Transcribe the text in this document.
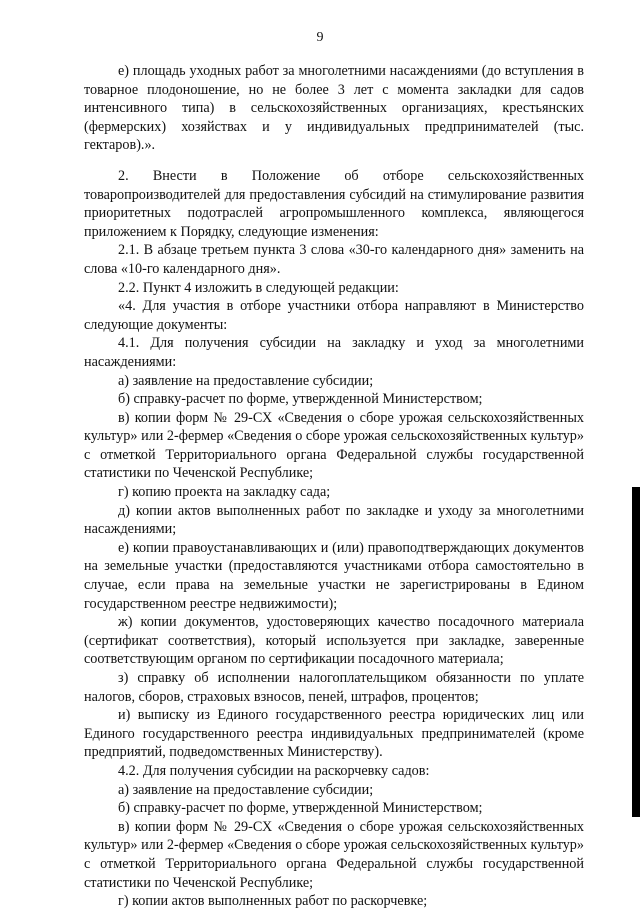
9

е) площадь уходных работ за многолетними насаждениями (до вступления в товарное плодоношение, но не более 3 лет с момента закладки для садов интенсивного типа) в сельскохозяйственных организациях, крестьянских (фермерских) хозяйствах и у индивидуальных предпринимателей (тыс. гектаров).».

2. Внести в Положение об отборе сельскохозяйственных товаропроизводителей для предоставления субсидий на стимулирование развития приоритетных подотраслей агропромышленного комплекса, являющегося приложением к Порядку, следующие изменения:

2.1. В абзаце третьем пункта 3 слова «30-го календарного дня» заменить на слова «10-го календарного дня».

2.2. Пункт 4 изложить в следующей редакции:

«4. Для участия в отборе участники отбора направляют в Министерство следующие документы:

4.1. Для получения субсидии на закладку и уход за многолетними насаждениями:

а) заявление на предоставление субсидии;

б) справку-расчет по форме, утвержденной Министерством;

в) копии форм № 29-СХ «Сведения о сборе урожая сельскохозяйственных культур» или 2-фермер «Сведения о сборе урожая сельскохозяйственных культур» с отметкой Территориального органа Федеральной службы государственной статистики по Чеченской Республике;

г) копию проекта на закладку сада;

д) копии актов выполненных работ по закладке и уходу за многолетними насаждениями;

е) копии правоустанавливающих и (или) правоподтверждающих документов на земельные участки (предоставляются участниками отбора самостоятельно в случае, если права на земельные участки не зарегистрированы в Едином государственном реестре недвижимости);

ж) копии документов, удостоверяющих качество посадочного материала (сертификат соответствия), который используется при закладке, заверенные соответствующим органом по сертификации посадочного материала;

з) справку об исполнении налогоплательщиком обязанности по уплате налогов, сборов, страховых взносов, пеней, штрафов, процентов;

и) выписку из Единого государственного реестра юридических лиц или Единого государственного реестра индивидуальных предпринимателей (кроме предприятий, подведомственных Министерству).

4.2. Для получения субсидии на раскорчевку садов:

а) заявление на предоставление субсидии;

б) справку-расчет по форме, утвержденной Министерством;

в) копии форм № 29-СХ «Сведения о сборе урожая сельскохозяйственных культур» или 2-фермер «Сведения о сборе урожая сельскохозяйственных культур» с отметкой Территориального органа Федеральной службы государственной статистики по Чеченской Республике;

г) копии актов выполненных работ по раскорчевке;
